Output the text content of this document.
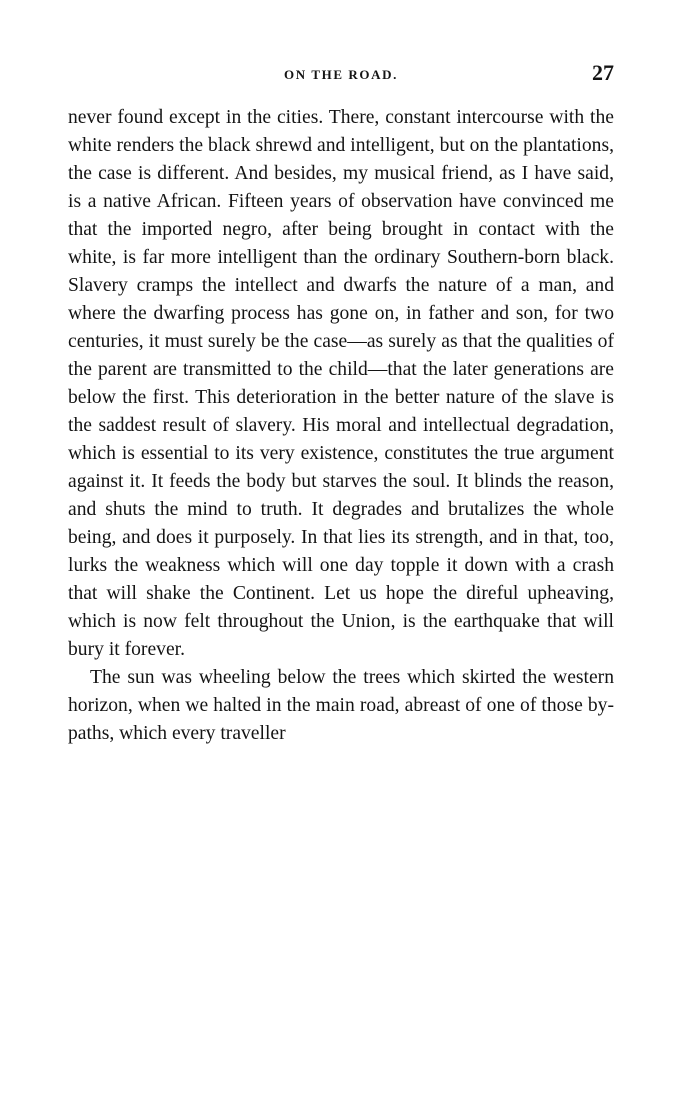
ON THE ROAD.	27

never found except in the cities. There, constant intercourse with the white renders the black shrewd and intelligent, but on the plantations, the case is different. And besides, my musical friend, as I have said, is a native African. Fifteen years of observation have convinced me that the imported negro, after being brought in contact with the white, is far more intelligent than the ordinary Southern-born black. Slavery cramps the intellect and dwarfs the nature of a man, and where the dwarfing process has gone on, in father and son, for two centuries, it must surely be the case—as surely as that the qualities of the parent are transmitted to the child—that the later generations are below the first. This deterioration in the better nature of the slave is the saddest result of slavery. His moral and intellectual degradation, which is essential to its very existence, constitutes the true argument against it. It feeds the body but starves the soul. It blinds the reason, and shuts the mind to truth. It degrades and brutalizes the whole being, and does it purposely. In that lies its strength, and in that, too, lurks the weakness which will one day topple it down with a crash that will shake the Continent. Let us hope the direful upheaving, which is now felt throughout the Union, is the earthquake that will bury it forever.

The sun was wheeling below the trees which skirted the western horizon, when we halted in the main road, abreast of one of those by-paths, which every traveller
